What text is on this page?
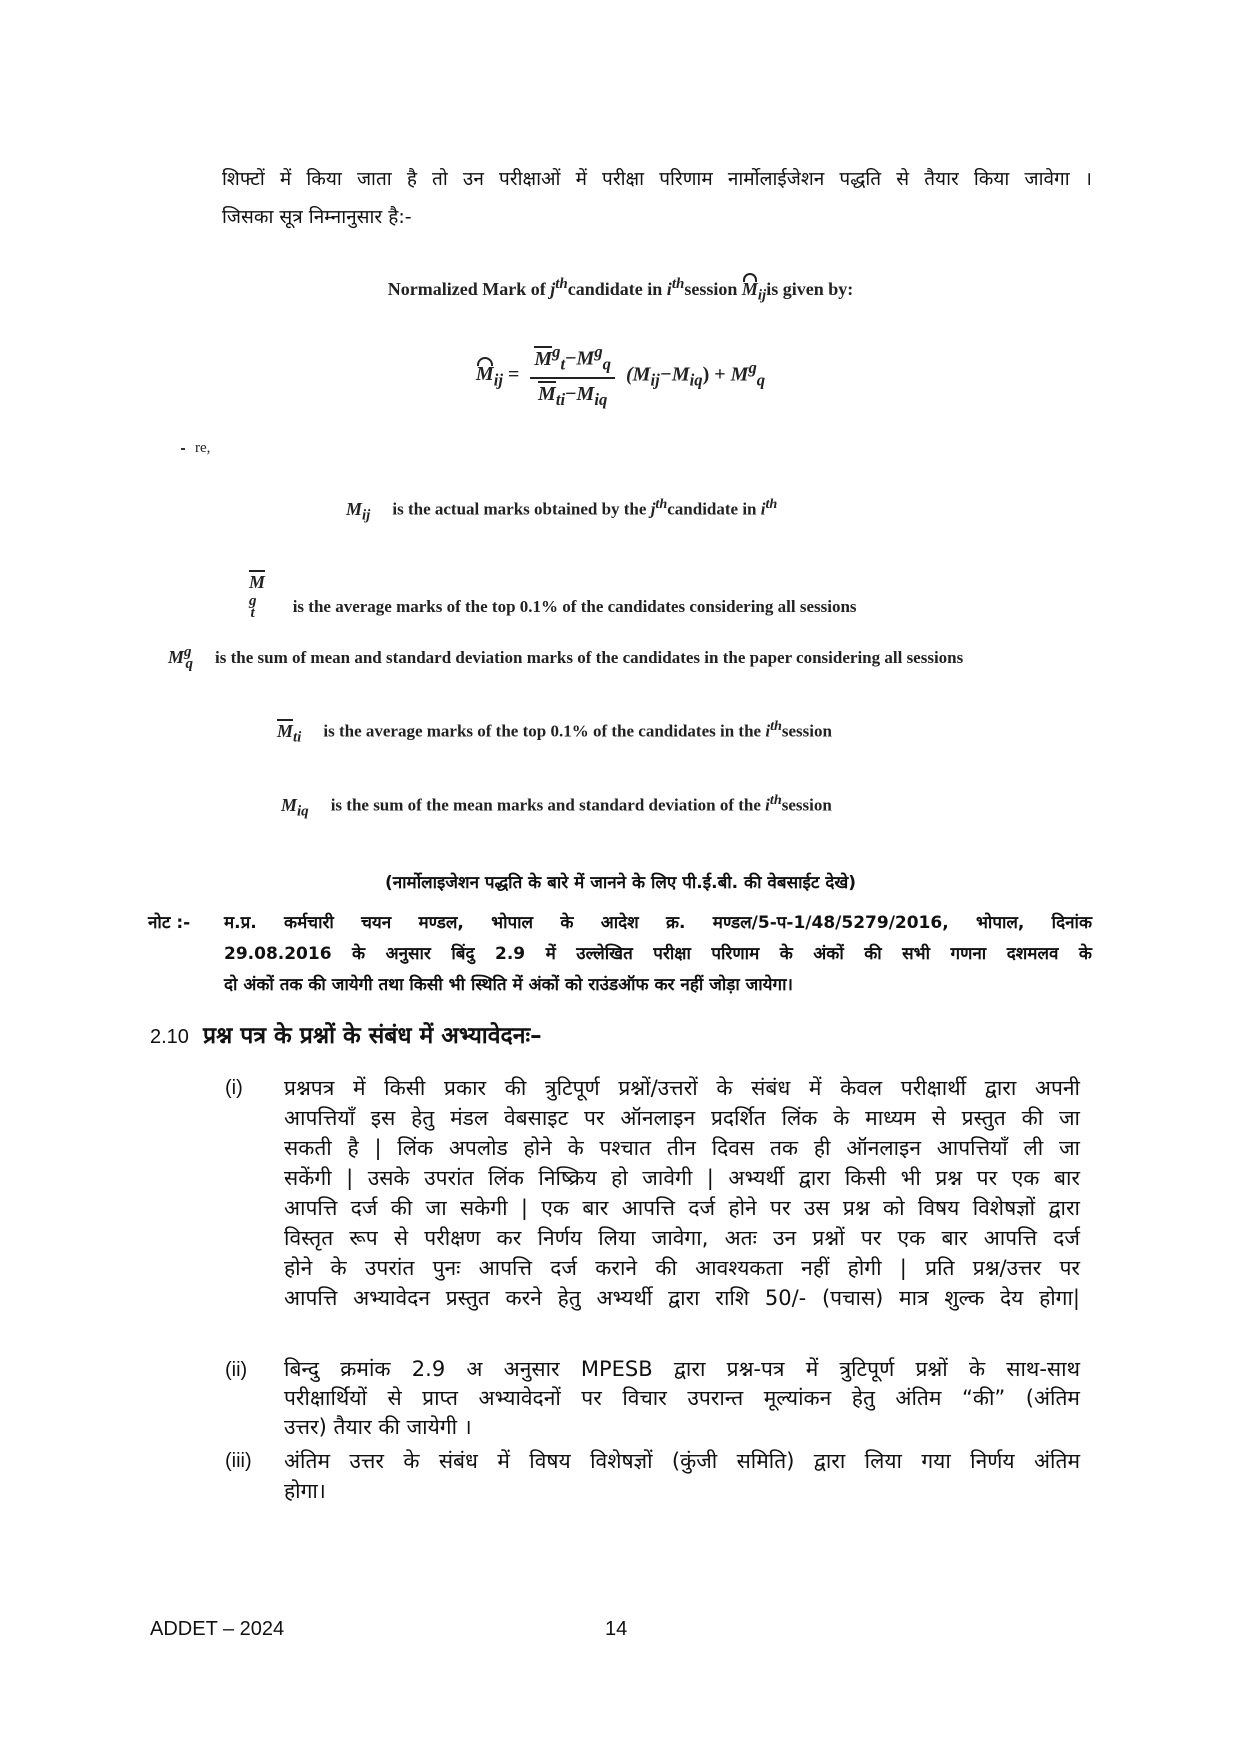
शिफ्टों में किया जाता है तो उन परीक्षाओं में परीक्षा परिणाम नार्मोलाईजेशन पद्धति से तैयार किया जावेगा ।
जिसका सूत्र निम्नानुसार है:-
Normalized Mark of $j^{th}candidate$ in $i^{th}session$ $M_{ij}is$ given by:
$M_{ij} = \frac{M^g_t-M^g_q}{M_{ti}-M_{iq}} (M_{ij}-M_{iq}) + M^g_q$
re,
$M_{ij}$ is the actual marks obtained by the $j^{th}candidate$ in $i^{th}$
$M^g_t$ is the average marks of the top 0.1% of the candidates considering all sessions
$M^g_q$ is the sum of mean and standard deviation marks of the candidates in the paper considering all sessions
$M_{ti}$ is the average marks of the top 0.1% of the candidates in the $i^{th}session$
$M_{iq}$ is the sum of the mean marks and standard deviation of the $i^{th}session$
(नार्मोलाइजेशन पद्धति के बारे में जानने के लिए पी.ई.बी. की वेबसाईट देखे)
नोट :- म.प्र. कर्मचारी चयन मण्डल, भोपाल के आदेश क्र. मण्डल/5-प-1/48/5279/2016, भोपाल, दिनांक
29.08.2016 के अनुसार बिंदु 2.9 में उल्लेखित परीक्षा परिणाम के अंकों की सभी गणना दशमलव के
दो अंकों तक की जायेगी तथा किसी भी स्थिति में अंकों को राउंडऑफ कर नहीं जोड़ा जायेगा।
2.10 प्रश्न पत्र के प्रश्नों के संबंध में अभ्यावेदनः–
(i) प्रश्नपत्र में किसी प्रकार की त्रुटिपूर्ण प्रश्नों/उत्तरों के संबंध में केवल परीक्षार्थी द्वारा अपनी
आपत्तियाँ इस हेतु मंडल वेबसाइट पर ऑनलाइन प्रदर्शित लिंक के माध्यम से प्रस्तुत की जा
सकती है | लिंक अपलोड होने के पश्चात तीन दिवस तक ही ऑनलाइन आपत्तियाँ ली जा
सकेंगी | उसके उपरांत लिंक निष्क्रिय हो जावेगी | अभ्यर्थी द्वारा किसी भी प्रश्न पर एक बार
आपत्ति दर्ज की जा सकेगी | एक बार आपत्ति दर्ज होने पर उस प्रश्न को विषय विशेषज्ञों द्वारा
विस्तृत रूप से परीक्षण कर निर्णय लिया जावेगा, अतः उन प्रश्नों पर एक बार आपत्ति दर्ज
होने के उपरांत पुनः आपत्ति दर्ज कराने की आवश्यकता नहीं होगी | प्रति प्रश्न/उत्तर पर
आपत्ति अभ्यावेदन प्रस्तुत करने हेतु अभ्यर्थी द्वारा राशि 50/- (पचास) मात्र शुल्क देय होगा|
(ii) बिन्दु क्रमांक 2.9 अ अनुसार MPESB द्वारा प्रश्न-पत्र में त्रुटिपूर्ण प्रश्नों के साथ-साथ
परीक्षार्थियों से प्राप्त अभ्यावेदनों पर विचार उपरान्त मूल्यांकन हेतु अंतिम “की” (अंतिम
उत्तर) तैयार की जायेगी ।
(iii) अंतिम उत्तर के संबंध में विषय विशेषज्ञों (कुंजी समिति) द्वारा लिया गया निर्णय अंतिम
होगा।
ADDET – 2024	14
